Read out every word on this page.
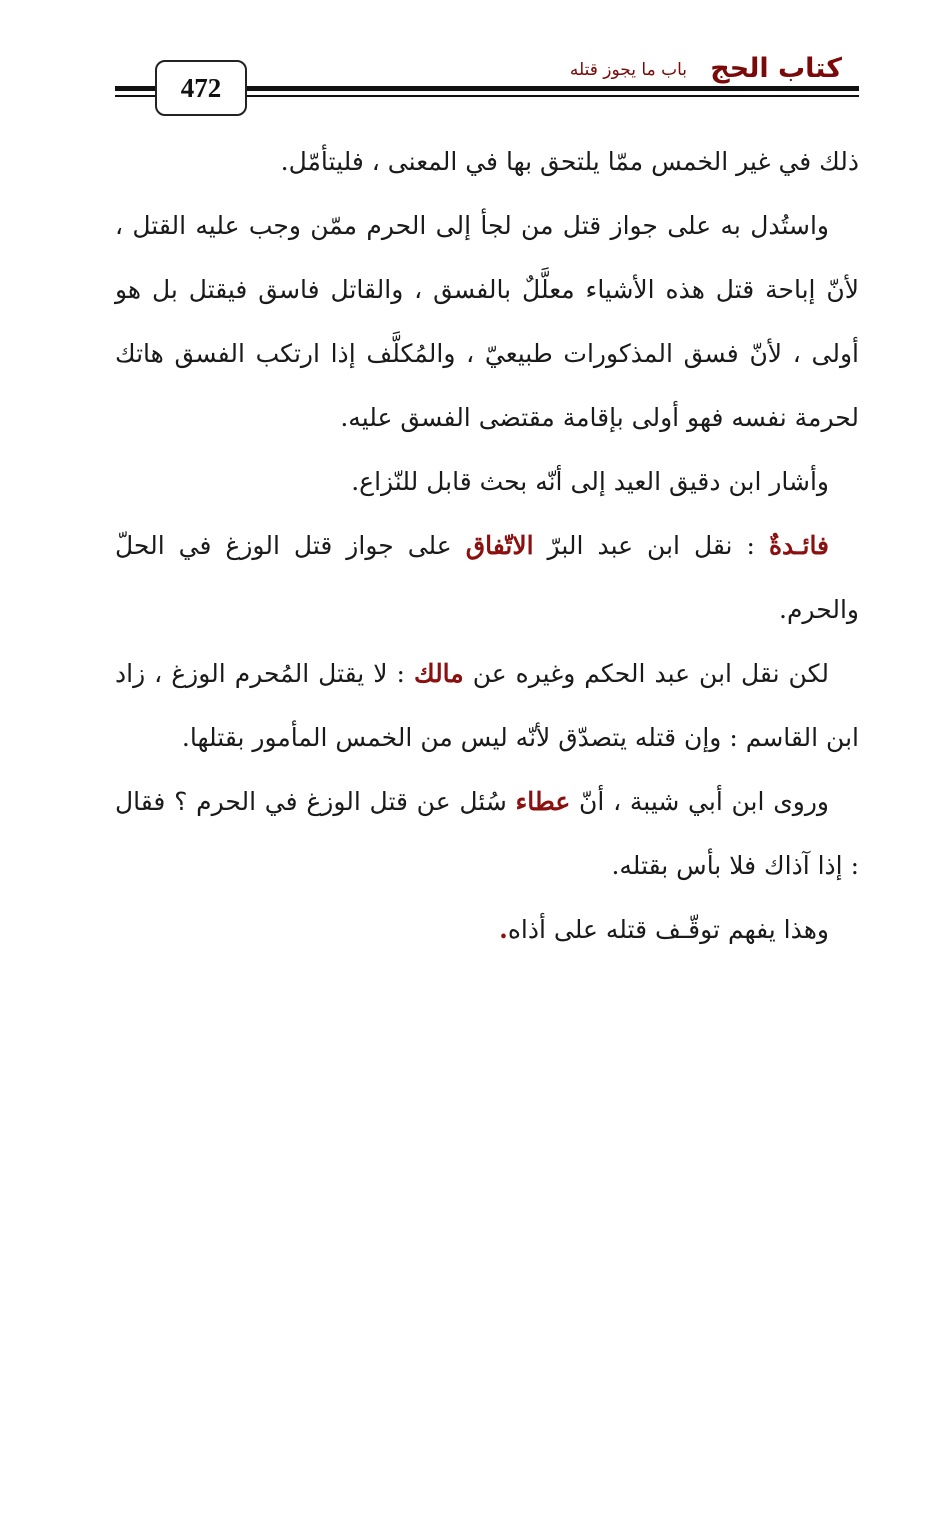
كتاب الحج
باب ما يجوز قتله
472

ذلك في غير الخمس ممّا يلتحق بها في المعنى ، فليتأمّل.

واستُدل به على جواز قتل من لجأ إلى الحرم ممّن وجب عليه القتل ، لأنّ إباحة قتل هذه الأشياء معلَّلٌ بالفسق ، والقاتل فاسق فيقتل بل هو أولى ، لأنّ فسق المذكورات طبيعيّ ، والمُكلَّف إذا ارتكب الفسق هاتك لحرمة نفسه فهو أولى بإقامة مقتضى الفسق عليه.

وأشار ابن دقيق العيد إلى أنّه بحث قابل للنّزاع.

فائـدةٌ : نقل ابن عبد البرّ الاتّفاق على جواز قتل الوزغ في الحلّ والحرم.

لكن نقل ابن عبد الحكم وغيره عن مالك : لا يقتل المُحرم الوزغ ، زاد ابن القاسم : وإن قتله يتصدّق لأنّه ليس من الخمس المأمور بقتلها.

وروى ابن أبي شيبة ، أنّ عطاء سُئل عن قتل الوزغ في الحرم ؟ فقال : إذا آذاك فلا بأس بقتله.

وهذا يفهم توقّـف قتله على أذاه.
